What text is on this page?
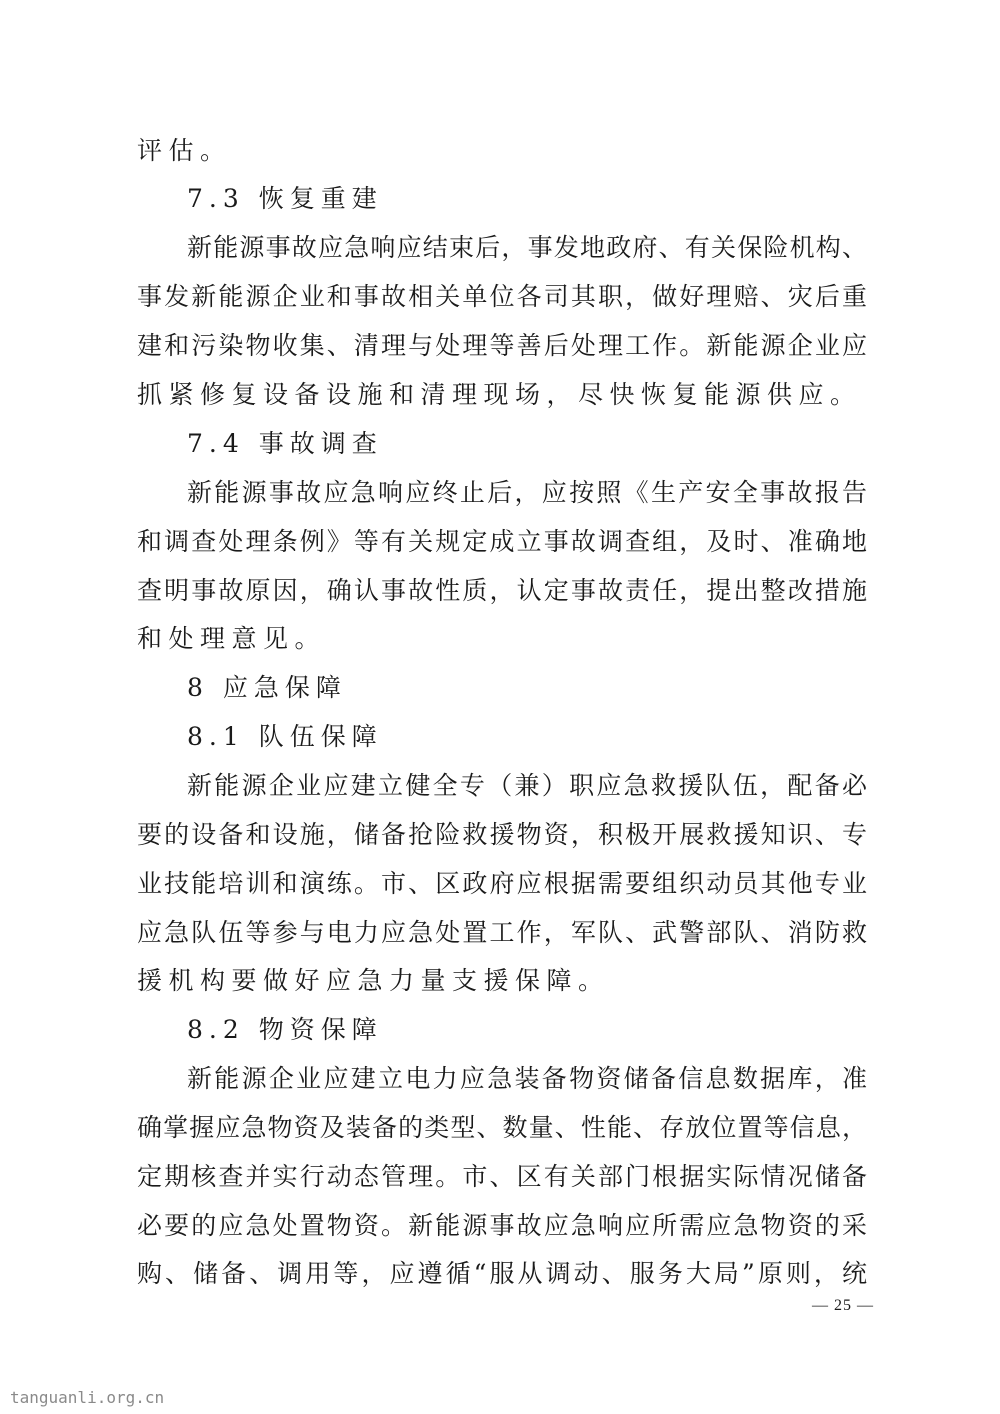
评估。
7.3 恢复重建
新能源事故应急响应结束后，事发地政府、有关保险机构、
事发新能源企业和事故相关单位各司其职，做好理赔、灾后重
建和污染物收集、清理与处理等善后处理工作。新能源企业应
抓紧修复设备设施和清理现场，尽快恢复能源供应。
7.4 事故调查
新能源事故应急响应终止后，应按照《生产安全事故报告
和调查处理条例》等有关规定成立事故调查组，及时、准确地
查明事故原因，确认事故性质，认定事故责任，提出整改措施
和处理意见。
8 应急保障
8.1 队伍保障
新能源企业应建立健全专（兼）职应急救援队伍，配备必
要的设备和设施，储备抢险救援物资，积极开展救援知识、专
业技能培训和演练。市、区政府应根据需要组织动员其他专业
应急队伍等参与电力应急处置工作，军队、武警部队、消防救
援机构要做好应急力量支援保障。
8.2 物资保障
新能源企业应建立电力应急装备物资储备信息数据库，准
确掌握应急物资及装备的类型、数量、性能、存放位置等信息，
定期核查并实行动态管理。市、区有关部门根据实际情况储备
必要的应急处置物资。新能源事故应急响应所需应急物资的采
购、储备、调用等，应遵循“服从调动、服务大局”原则，统
— 25 —
tanguanli.org.cn
